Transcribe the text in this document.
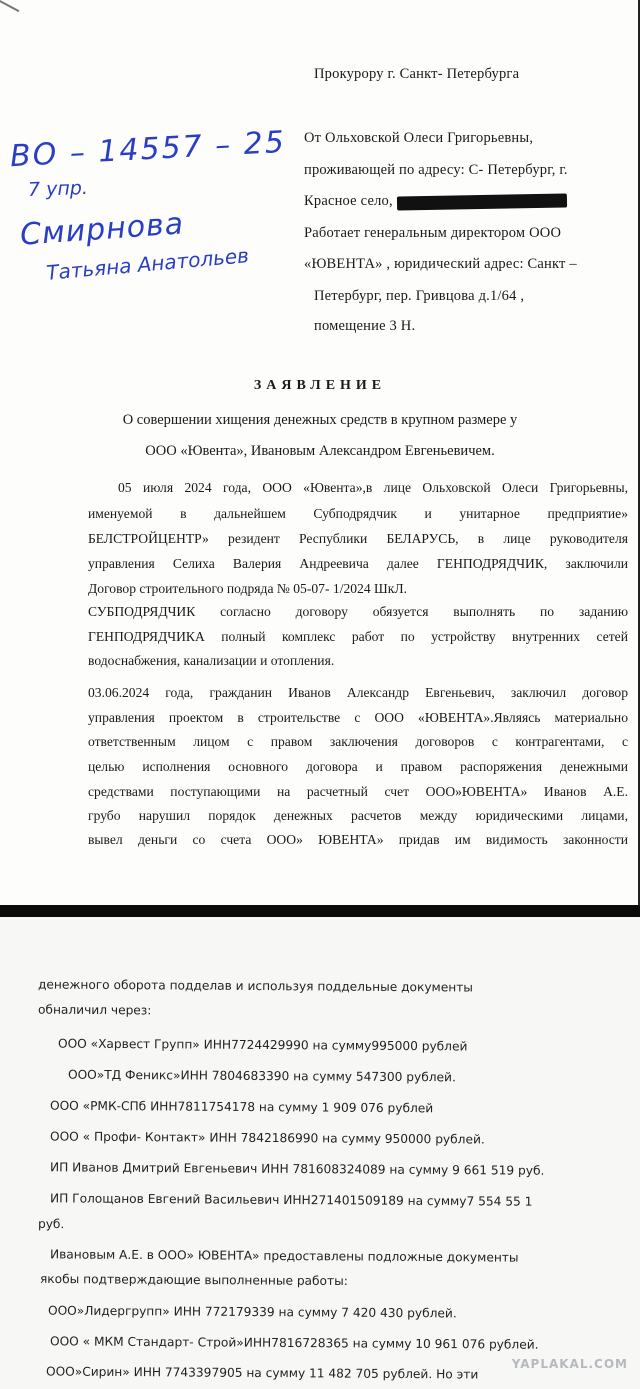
Прокурору г. Санкт- Петербурга
От Ольховской Олеси Григорьевны,
проживающей по адресу: С- Петербург, г.
Красное село,
Работает генеральным директором ООО
«ЮВЕНТА» , юридический адрес: Санкт –
Петербург, пер. Гривцова д.1/64 ,
помещение 3 Н.
ВО – 14557 – 25
7 упр.
Смирнова
Татьяна Анатольев
ЗАЯВЛЕНИЕ
О совершении хищения денежных средств в крупном размере у
ООО «Ювента», Ивановым Александром Евгеньевичем.
05 июля 2024 года, ООО «Ювента»,в лице Ольховской Олеси Григорьевны,
именуемой в дальнейшем Субподрядчик и унитарное предприятие»
БЕЛСТРОЙЦЕНТР» резидент Республики БЕЛАРУСЬ, в лице руководителя
управления Селиха Валерия Андреевича далее ГЕНПОДРЯДЧИК, заключили
Договор строительного подряда № 05-07- 1/2024 ШкЛ.
СУБПОДРЯДЧИК согласно договору обязуется выполнять по заданию
ГЕНПОДРЯДЧИКА полный комплекс работ по устройству внутренних сетей
водоснабжения, канализации и отопления.
03.06.2024 года, гражданин Иванов Александр Евгеньевич, заключил договор
управления проектом в строительстве с ООО «ЮВЕНТА».Являясь материально
ответственным лицом с правом заключения договоров с контрагентами, с
целью исполнения основного договора и правом распоряжения денежными
средствами поступающими на расчетный счет ООО»ЮВЕНТА» Иванов А.Е.
грубо нарушил порядок денежных расчетов между юридическими лицами,
вывел деньги со счета ООО» ЮВЕНТА» придав им видимость законности
денежного оборота подделав и используя поддельные документы
обналичил через:
ООО «Харвест Групп» ИНН7724429990 на сумму995000 рублей
ООО»ТД Феникс»ИНН 7804683390 на сумму 547300 рублей.
ООО «РМК-СПб ИНН7811754178 на сумму 1 909 076 рублей
ООО « Профи- Контакт» ИНН 7842186990 на сумму 950000 рублей.
ИП Иванов Дмитрий Евгеньевич ИНН 781608324089 на сумму 9 661 519 руб.
ИП Голощанов Евгений Васильевич ИНН271401509189 на сумму7 554 55 1
руб.
Ивановым А.Е. в ООО» ЮВЕНТА» предоставлены подложные документы
якобы подтверждающие выполненные работы:
ООО»Лидергрупп» ИНН 772179339 на сумму 7 420 430 рублей.
ООО « МКМ Стандарт- Строй»ИНН7816728365 на сумму 10 961 076 рублей.
ООО»Сирин» ИНН 7743397905 на сумму 11 482 705 рублей. Но эти
YAPLAKAL.COM
